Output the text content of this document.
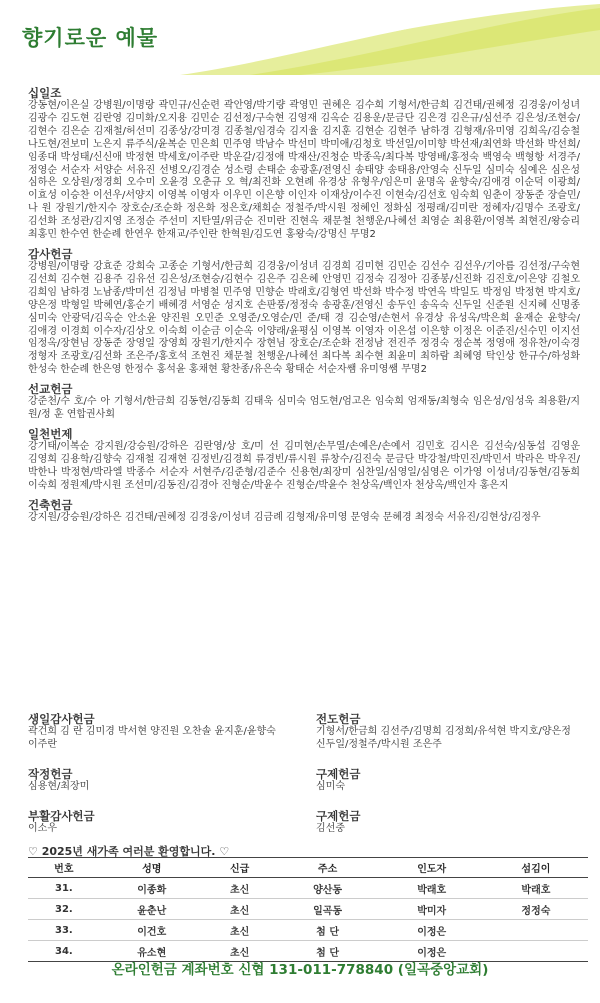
향기로운 예물

십일조

강동현/이은실 강병원/이명랑 곽민규/신순련 곽안영/박기량 곽영민 권혜은 김수희 기형서/한금희 김건태/권혜정 김경웅/이성녀 김광수 김도현 김란영 김미화/오지용 김민순 김선정/구숙현 김영재 김옥순 김용운/문금단 김은경 김은규/심선주 김은성/조현승/김현수 김은순 김재철/허선미 김종상/강미경 김종철/임경숙 김지율 김지훈 김현순 김현주 남하경 김형재/유미영 김희옥/김승철 나도현/전보미 노은지 류주식/윤복순 민은희 민주영 박남수 박선미 박미애/김청호 박선일/이미향 박선재/최연화 박선화 박선희/임종대 박성태/신신애 박정현 박세호/이주란 박운갈/김정애 박재산/진청순 박종옥/최다복 방영배/홍정숙 백영숙 백형항 서경주/정영순 서순자 서양순 서유진 선병오/김경순 성소령 손태순 송광훈/전영신 송태양 송태용/안영숙 신두일 심미숙 심예은 심은성 심하은 오상원/정경희 오수미 오윤경 오춘규 오 혁/최진화 오현례 유경상 유형우/임은미 윤명옥 윤향숙/김애경 이순덕 이광희/이효성 이승찬 이선우/서양지 이영복 이영자 이우민 이은향 이인자 이재상/이수진 이현숙/김선호 임숙희 임춘이 장동준 장슬민/나 원 장원기/한지수 장호순/조순화 정은화 정은호/채희순 정철주/박시원 정혜인 정화심 정평래/김미란 정혜자/김명수 조광호/김선화 조성관/김지영 조정순 주선미 지탄열/위금순 진미란 진현옥 채문철 천행운/나혜선 최영순 최용환/이영복 최현진/왕승리 최홍민 한수연 한순례 한연우 한재교/주인란 한혁원/김도연 홍왕숙/강명신 무명2

감사헌금

강병원/이명랑 강효준 강희숙 고종순 기형서/한금희 김경웅/이성녀 김경희 김미현 김민순 김선수 김선우/기아름 김선정/구숙현 김선희 김수현 김용주 김유선 김은성/조현승/김현수 김은주 김은혜 안영민 김정숙 김정아 김종봉/신진화 김진호/이은양 김철오 김희임 남하경 노남종/박미선 김정님 마병철 민주영 민향순 박래호/김형연 박선화 박수정 박연옥 박일도 박정임 박정현 박지호/양은정 박형일 박혜연/홍순기 배혜경 서영순 성지호 손판풍/정정숙 송광훈/전영신 송두인 송옥숙 신두일 신준원 신지혜 신명종 심미숙 안광덕/김옥순 안소윤 양진원 오민준 오영준/오영순/민 준/태 경 김순영/손현서 유경상 유성옥/박은희 윤재순 윤향숙/김애경 이경희 이수자/김상오 이숙희 이순금 이순옥 이양래/윤평심 이영복 이영자 이은섭 이은향 이정은 이준진/신수민 이지선 임정옥/장현님 장동준 장영일 장영희 장원기/한지수 장현님 장호순/조순화 전정남 전진주 정경숙 정순복 정영애 정유찬/이숙경 정형자 조광호/김선화 조은주/홍호석 조현진 채문철 천행운/나혜선 최다복 최수현 최윤미 최하람 최혜영 탁인상 한규수/하성화 한성숙 한순례 한은영 한정수 홍석윤 홍채현 황찬종/유은숙 황태순 서순자쌤 유미영쌤 무명2

선교헌금

강준천/수 호/수 아 기형서/한금희 김동현/김동희 김태욱 심미숙 엄도현/엄고은 임숙희 엄재동/최형숙 임은성/임성욱 최용환/지 원/정 훈 연합권사회

일천번제

강기태/이복순 강지원/강승원/강하은 김란영/상 호/미 선 김미현/손무열/손예은/손예서 김민호 김시은 김선숙/심동섭 김영운 김영희 김용학/김향숙 김재철 김재현 김정빈/김경희 류경빈/류시원 류창수/김진숙 문금단 박강철/박민진/박민서 박라은 박우진/박한나 박정현/박라엘 박종수 서순자 서현주/김준형/김준수 신용현/최장미 심찬일/심영일/심영은 이가영 이성녀/김동현/김동희 이숙희 정원제/박시원 조선미/김동진/김경아 진형순/박윤수 진형순/박윤수 천상옥/백인자 천상옥/백인자 홍은지

건축헌금

강지원/강승원/강하은 김건태/권혜정 김경웅/이성녀 김금례 김형재/유미영 문영숙 문혜경 최정숙 서유진/김현상/김정우

생일감사헌금

곽건희 김 란 김미경 박서현 양진원 오찬솔 윤지훈/윤향숙 이주란

작정헌금

심용현/최장미

부활감사헌금

이소우

전도헌금

기형서/한금희 김선주/김명희 김정희/유석현 박지호/양은정 신두일/정철주/박시원 조은주

구제헌금

심미숙

구제헌금

김선중

♡ 2025년 새가족 여러분 환영합니다. ♡
번호	성명	신급	주소	인도자	섬김이
31.	이종화	초신	양산동	박래호	박래호
32.	윤춘난	초신	일곡동	박미자	정정숙
33.	이건호	초신	첨 단	이정은	
34.	유소현	초신	첨 단	이정은	
온라인헌금 계좌번호 신협 131-011-778840 (일곡중앙교회)
